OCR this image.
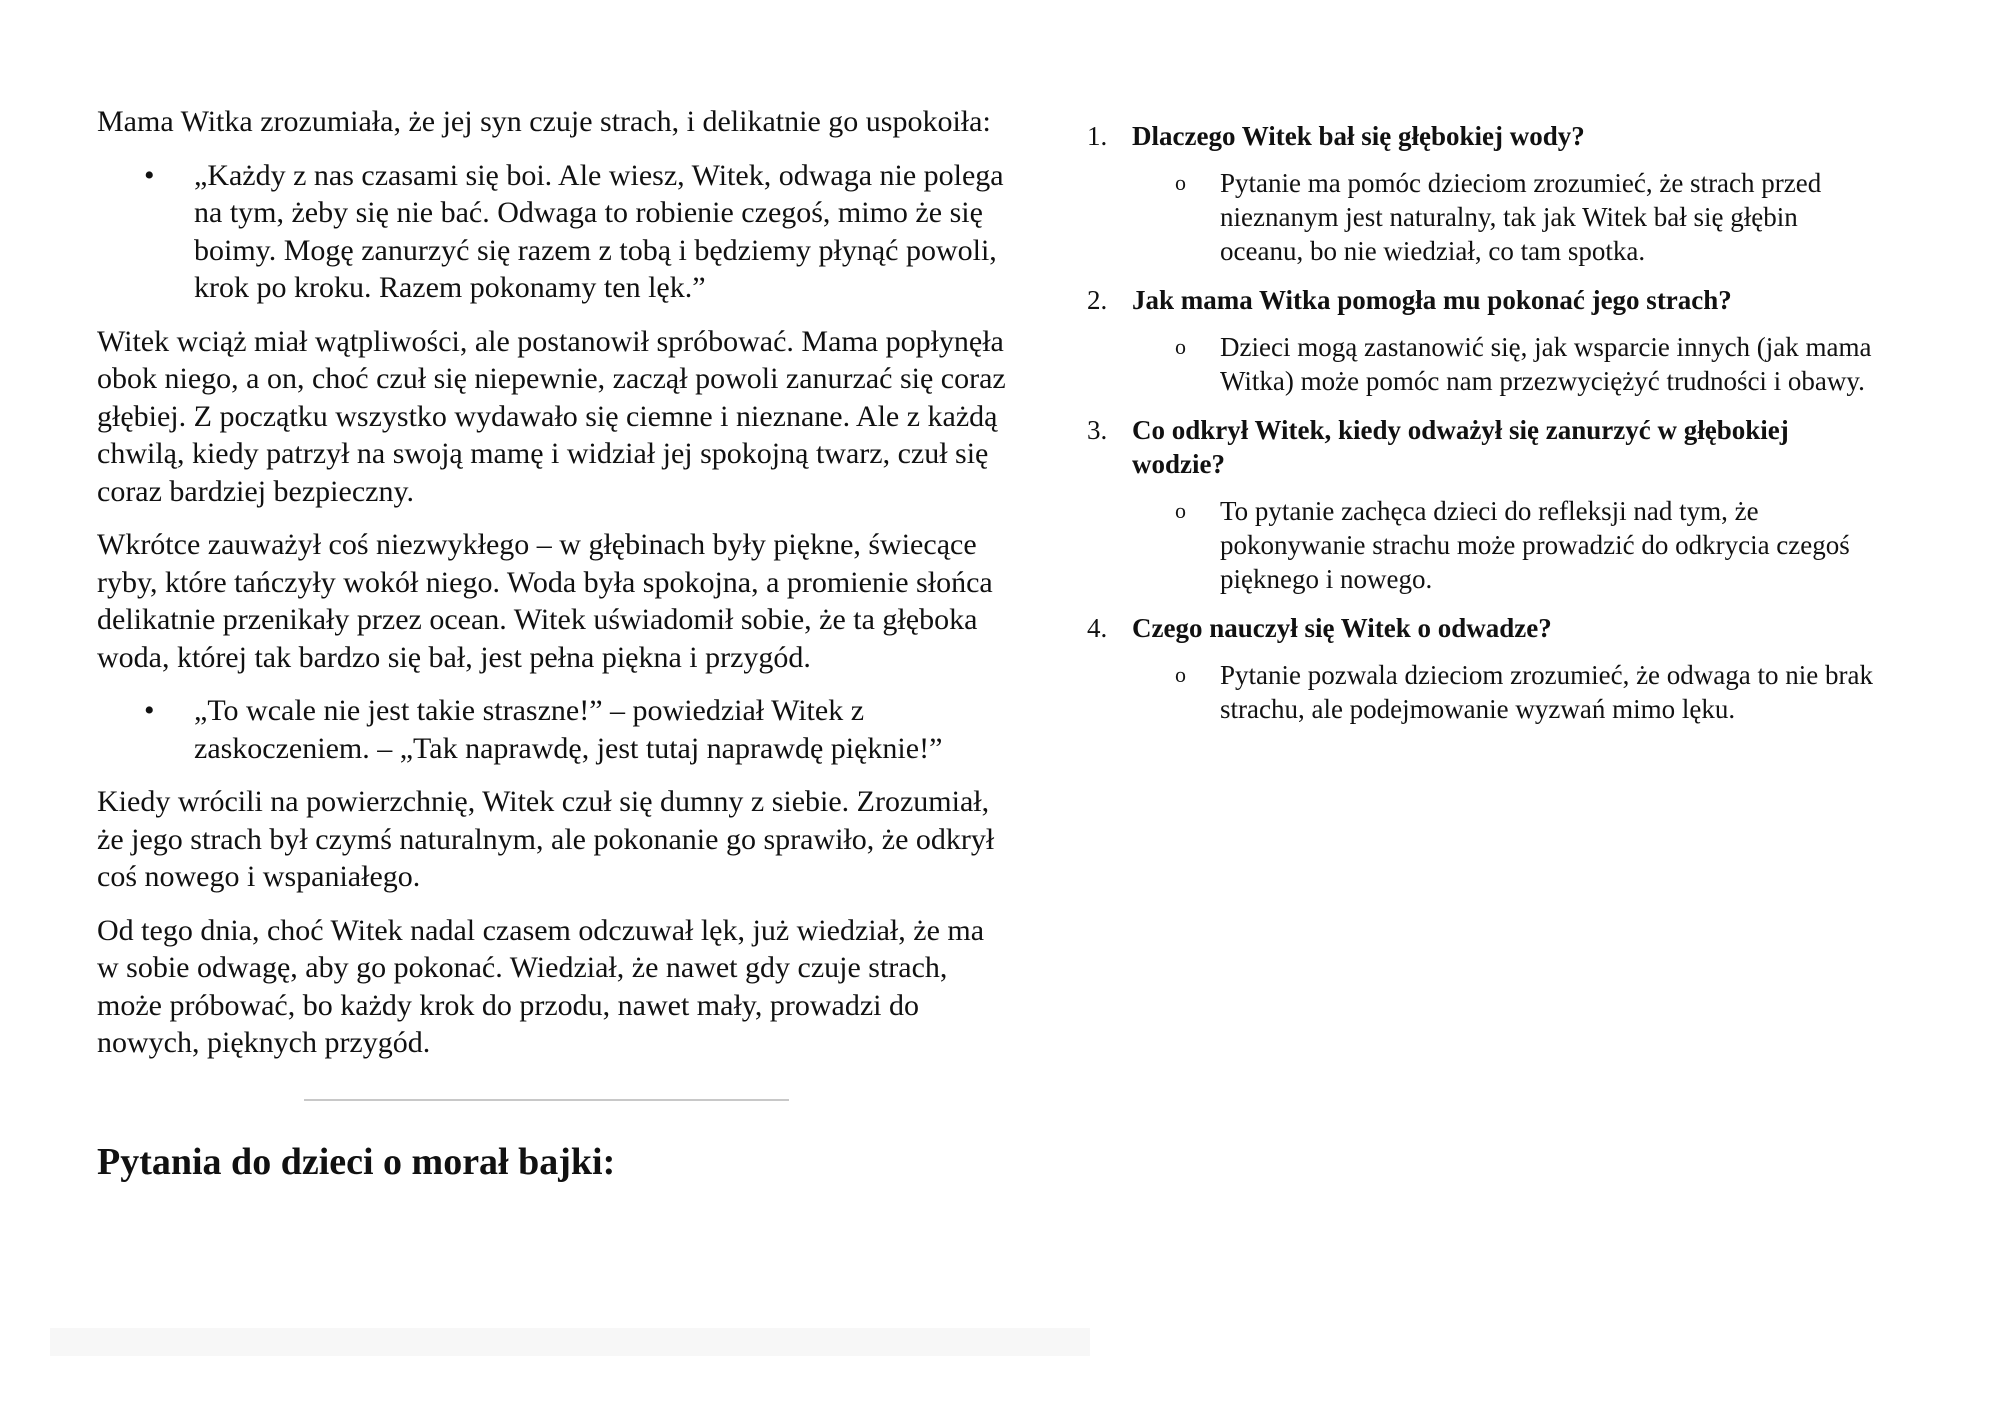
Mama Witka zrozumiała, że jej syn czuje strach, i delikatnie go uspokoiła:

• „Każdy z nas czasami się boi. Ale wiesz, Witek, odwaga nie polega na tym, żeby się nie bać. Odwaga to robienie czegoś, mimo że się boimy. Mogę zanurzyć się razem z tobą i będziemy płynąć powoli, krok po kroku. Razem pokonamy ten lęk.”

Witek wciąż miał wątpliwości, ale postanowił spróbować. Mama popłynęła obok niego, a on, choć czuł się niepewnie, zaczął powoli zanurzać się coraz głębiej. Z początku wszystko wydawało się ciemne i nieznane. Ale z każdą chwilą, kiedy patrzył na swoją mamę i widział jej spokojną twarz, czuł się coraz bardziej bezpieczny.

Wkrótce zauważył coś niezwykłego – w głębinach były piękne, świecące ryby, które tańczyły wokół niego. Woda była spokojna, a promienie słońca delikatnie przenikały przez ocean. Witek uświadomił sobie, że ta głęboka woda, której tak bardzo się bał, jest pełna piękna i przygód.

• „To wcale nie jest takie straszne!” – powiedział Witek z zaskoczeniem. – „Tak naprawdę, jest tutaj naprawdę pięknie!”

Kiedy wrócili na powierzchnię, Witek czuł się dumny z siebie. Zrozumiał, że jego strach był czymś naturalnym, ale pokonanie go sprawiło, że odkrył coś nowego i wspaniałego.

Od tego dnia, choć Witek nadal czasem odczuwał lęk, już wiedział, że ma w sobie odwagę, aby go pokonać. Wiedział, że nawet gdy czuje strach, może próbować, bo każdy krok do przodu, nawet mały, prowadzi do nowych, pięknych przygód.

Pytania do dzieci o morał bajki:
1. Dlaczego Witek bał się głębokiej wody?
o Pytanie ma pomóc dzieciom zrozumieć, że strach przed nieznanym jest naturalny, tak jak Witek bał się głębin oceanu, bo nie wiedział, co tam spotka.
2. Jak mama Witka pomogła mu pokonać jego strach?
o Dzieci mogą zastanowić się, jak wsparcie innych (jak mama Witka) może pomóc nam przezwyciężyć trudności i obawy.
3. Co odkrył Witek, kiedy odważył się zanurzyć w głębokiej wodzie?
o To pytanie zachęca dzieci do refleksji nad tym, że pokonywanie strachu może prowadzić do odkrycia czegoś pięknego i nowego.
4. Czego nauczył się Witek o odwadze?
o Pytanie pozwala dzieciom zrozumieć, że odwaga to nie brak strachu, ale podejmowanie wyzwań mimo lęku.
